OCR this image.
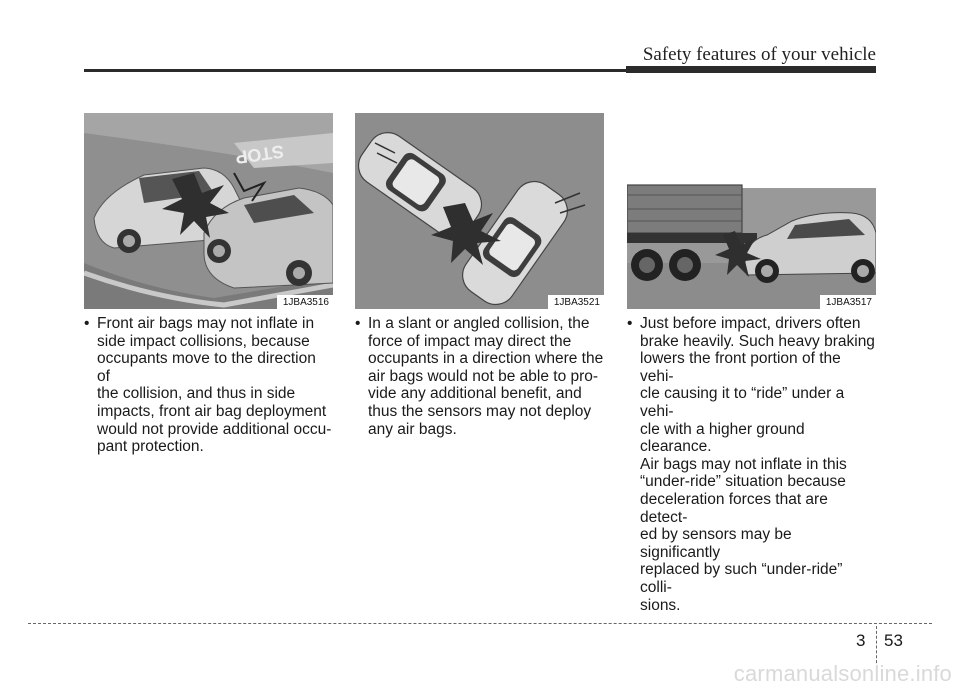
Safety features of your vehicle
STOP
1JBA3516	1JBA3521	1JBA3517
• Front air bags may not inflate in
side impact collisions, because
occupants move to the direction of
the collision, and thus in side
impacts, front air bag deployment
would not provide additional occu-
pant protection.
• In a slant or angled collision, the
force of impact may direct the
occupants in a direction where the
air bags would not be able to pro-
vide any additional benefit, and
thus the sensors may not deploy
any air bags.
• Just before impact, drivers often
brake heavily. Such heavy braking
lowers the front portion of the vehi-
cle causing it to “ride” under a vehi-
cle with a higher ground clearance.
Air bags may not inflate in this
“under-ride” situation because
deceleration forces that are detect-
ed by sensors may be significantly
replaced by such “under-ride” colli-
sions.
3 53
carmanualsonline.info
